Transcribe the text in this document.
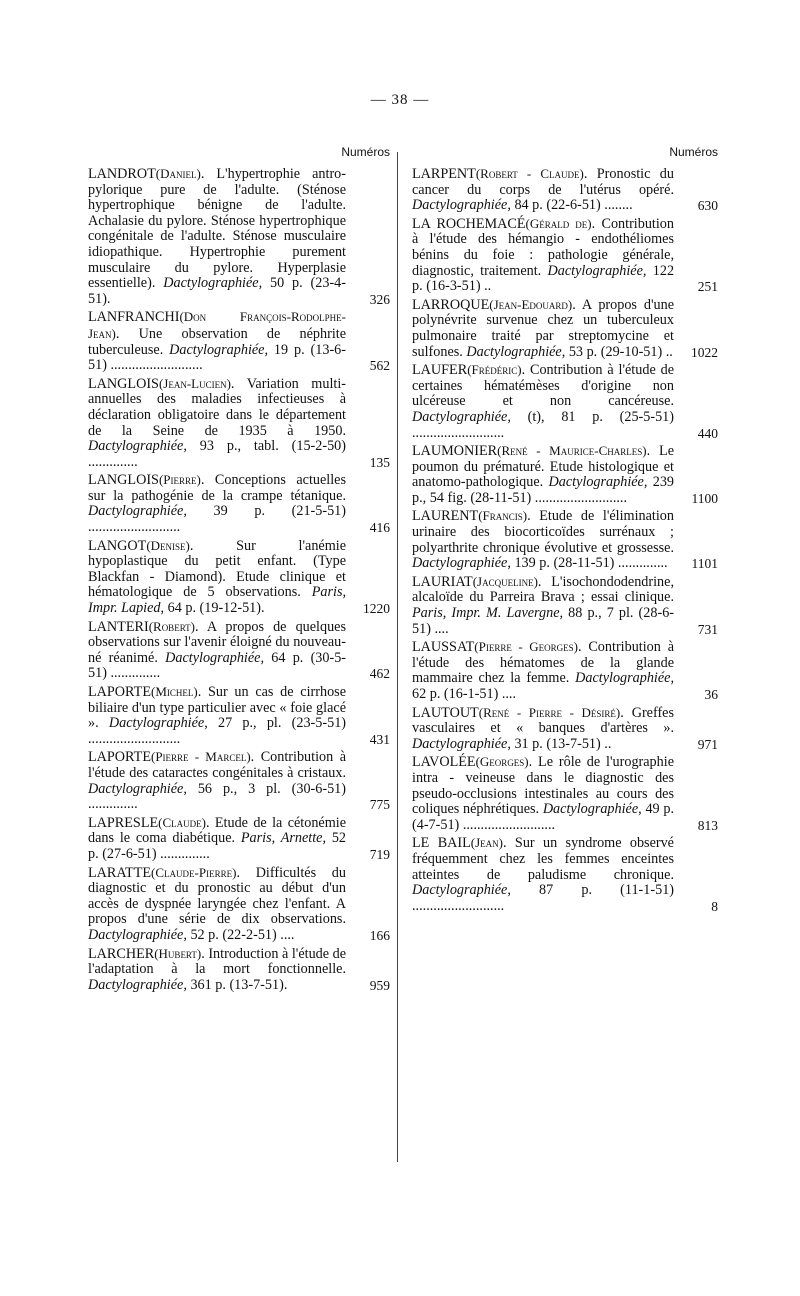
— 38 —
Numéros
LANDROT(Daniel). L'hypertrophie antro-pylorique pure de l'adulte. (Sténose hypertrophique bénigne de l'adulte. Achalasie du pylore. Sténose hypertrophique congénitale de l'adulte. Sténose musculaire idiopathique. Hypertrophie purement musculaire du pylore. Hyperplasie essentielle). Dactylographiée, 50 p. (23-4-51).	326
LANFRANCHI(Don François-Rodolphe-Jean). Une observation de néphrite tuberculeuse. Dactylographiée, 19 p. (13-6-51) ..........................	562
LANGLOIS(Jean-Lucien). Variation multi-annuelles des maladies infectieuses à déclaration obligatoire dans le département de la Seine de 1935 à 1950. Dactylographiée, 93 p., tabl. (15-2-50) ..............	135
LANGLOIS(Pierre). Conceptions actuelles sur la pathogénie de la crampe tétanique. Dactylographiée, 39 p. (21-5-51) ..........................	416
LANGOT(Denise). Sur l'anémie hypoplastique du petit enfant. (Type Blackfan - Diamond). Etude clinique et hématologique de 5 observations. Paris, Impr. Lapied, 64 p. (19-12-51).	1220
LANTERI(Robert). A propos de quelques observations sur l'avenir éloigné du nouveau-né réanimé. Dactylographiée, 64 p. (30-5-51) ..............	462
LAPORTE(Michel). Sur un cas de cirrhose biliaire d'un type particulier avec « foie glacé ». Dactylographiée, 27 p., pl. (23-5-51) ..........................	431
LAPORTE(Pierre - Marcel). Contribution à l'étude des cataractes congénitales à cristaux. Dactylographiée, 56 p., 3 pl. (30-6-51) ..............	775
LAPRESLE(Claude). Etude de la cétonémie dans le coma diabétique. Paris, Arnette, 52 p. (27-6-51) ..............	719
LARATTE(Claude-Pierre). Difficultés du diagnostic et du pronostic au début d'un accès de dyspnée laryngée chez l'enfant. A propos d'une série de dix observations. Dactylographiée, 52 p. (22-2-51) ....	166
LARCHER(Hubert). Introduction à l'étude de l'adaptation à la mort fonctionnelle. Dactylographiée, 361 p. (13-7-51).	959
Numéros
LARPENT(Robert - Claude). Pronostic du cancer du corps de l'utérus opéré. Dactylographiée, 84 p. (22-6-51) ........	630
LA ROCHEMACÉ(Gérald de). Contribution à l'étude des hémangio - endothéliomes bénins du foie : pathologie générale, diagnostic, traitement. Dactylographiée, 122 p. (16-3-51) ..	251
LARROQUE(Jean-Edouard). A propos d'une polynévrite survenue chez un tuberculeux pulmonaire traité par streptomycine et sulfones. Dactylographiée, 53 p. (29-10-51) ..	1022
LAUFER(Frédéric). Contribution à l'étude de certaines hématémèses d'origine non ulcéreuse et non cancéreuse. Dactylographiée, (t), 81 p. (25-5-51) ..........................	440
LAUMONIER(René - Maurice-Charles). Le poumon du prématuré. Etude histologique et anatomo-pathologique. Dactylographiée, 239 p., 54 fig. (28-11-51) ..........................	1100
LAURENT(Francis). Etude de l'élimination urinaire des biocorticoïdes surrénaux ; polyarthrite chronique évolutive et grossesse. Dactylographiée, 139 p. (28-11-51) ..............	1101
LAURIAT(Jacqueline). L'isochondodendrine, alcaloïde du Parreira Brava ; essai clinique. Paris, Impr. M. Lavergne, 88 p., 7 pl. (28-6-51) ....	731
LAUSSAT(Pierre - Georges). Contribution à l'étude des hématomes de la glande mammaire chez la femme. Dactylographiée, 62 p. (16-1-51) ....	36
LAUTOUT(René - Pierre - Désiré). Greffes vasculaires et « banques d'artères ». Dactylographiée, 31 p. (13-7-51) ..	971
LAVOLÉE(Georges). Le rôle de l'urographie intra - veineuse dans le diagnostic des pseudo-occlusions intestinales au cours des coliques néphrétiques. Dactylographiée, 49 p. (4-7-51) ..........................	813
LE BAIL(Jean). Sur un syndrome observé fréquemment chez les femmes enceintes atteintes de paludisme chronique. Dactylographiée, 87 p. (11-1-51) ..........................	8
